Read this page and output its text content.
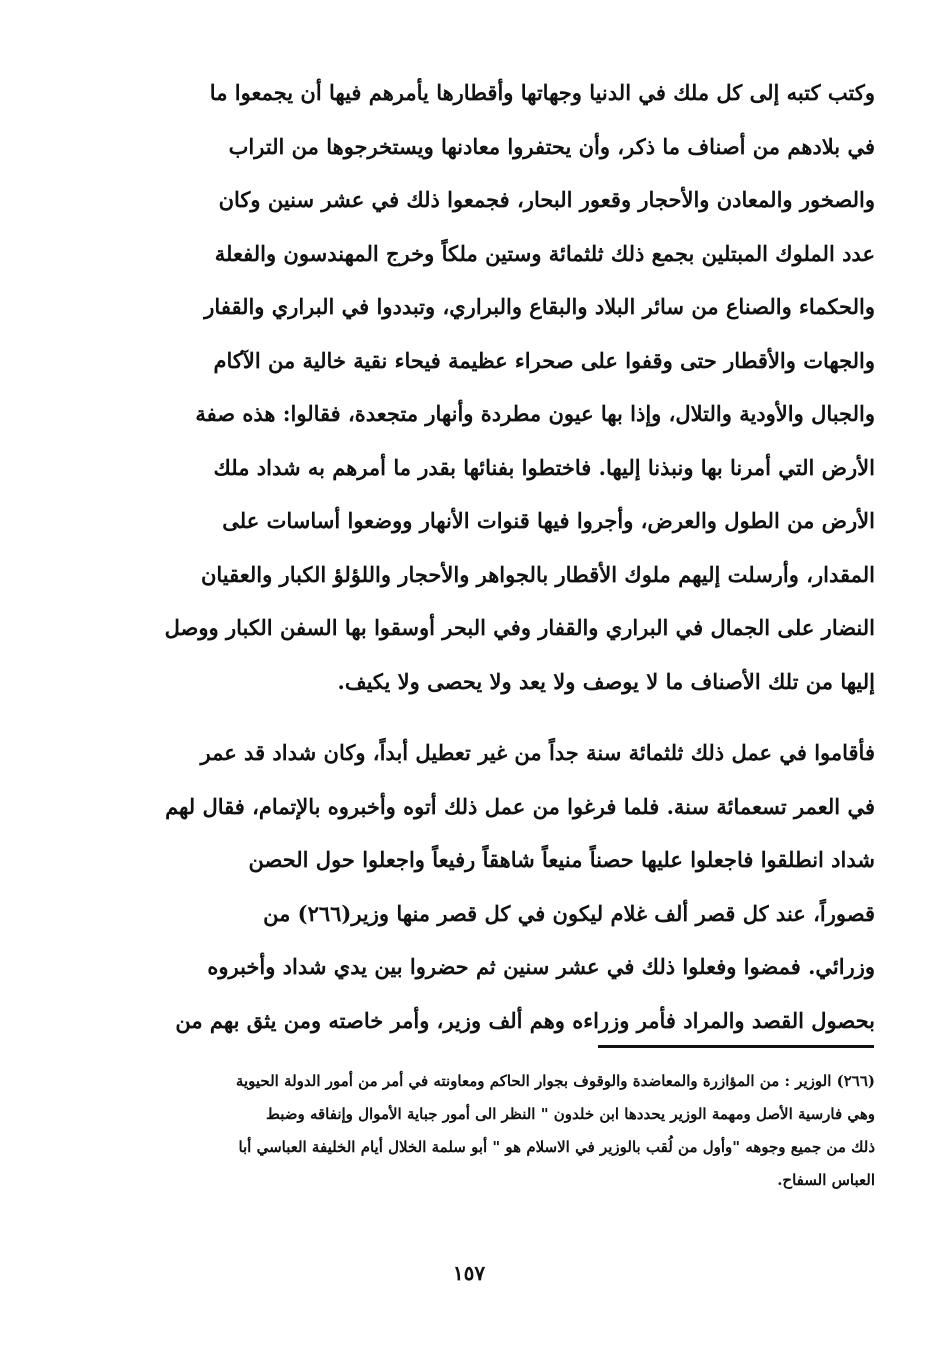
وكتب كتبه إلى كل ملك في الدنيا وجهاتها وأقطارها يأمرهم فيها أن يجمعوا ما
في بلادهم من أصناف ما ذكر، وأن يحتفروا معادنها ويستخرجوها من التراب
والصخور والمعادن والأحجار وقعور البحار، فجمعوا ذلك في عشر سنين وكان
عدد الملوك المبتلين بجمع ذلك ثلثمائة وستين ملكاً وخرج المهندسون والفعلة
والحكماء والصناع من سائر البلاد والبقاع والبراري، وتبددوا في البراري والقفار
والجهات والأقطار حتى وقفوا على صحراء عظيمة فيحاء نقية خالية من الآكام
والجبال والأودية والتلال، وإذا بها عيون مطردة وأنهار متجعدة، فقالوا: هذه صفة
الأرض التي أمرنا بها ونبذنا إليها. فاختطوا بفنائها بقدر ما أمرهم به شداد ملك
الأرض من الطول والعرض، وأجروا فيها قنوات الأنهار ووضعوا أساسات على
المقدار، وأرسلت إليهم ملوك الأقطار بالجواهر والأحجار واللؤلؤ الكبار والعقيان
النضار على الجمال في البراري والقفار وفي البحر أوسقوا بها السفن الكبار ووصل
إليها من تلك الأصناف ما لا يوصف ولا يعد ولا يحصى ولا يكيف.
فأقاموا في عمل ذلك ثلثمائة سنة جداً من غير تعطيل أبداً، وكان شداد قد عمر
في العمر تسعمائة سنة. فلما فرغوا من عمل ذلك أتوه وأخبروه بالإتمام، فقال لهم
شداد انطلقوا فاجعلوا عليها حصناً منيعاً شاهقاً رفيعاً واجعلوا حول الحصن
قصوراً، عند كل قصر ألف غلام ليكون في كل قصر منها وزير(٢٦٦) من
وزرائي. فمضوا وفعلوا ذلك في عشر سنين ثم حضروا بين يدي شداد وأخبروه
بحصول القصد والمراد فأمر وزراءه وهم ألف وزير، وأمر خاصته ومن يثق بهم من
(٢٦٦) الوزير : من المؤازرة والمعاضدة والوقوف بجوار الحاكم ومعاونته في أمر من أمور الدولة الحيوية
وهي فارسية الأصل ومهمة الوزير يحددها ابن خلدون " النظر الى أمور جباية الأموال وإنفاقه وضبط
ذلك من جميع وجوهه "وأول من لُقب بالوزير في الاسلام هو " أبو سلمة الخلال أيام الخليفة العباسي أبا
العباس السفاح.
١٥٧
